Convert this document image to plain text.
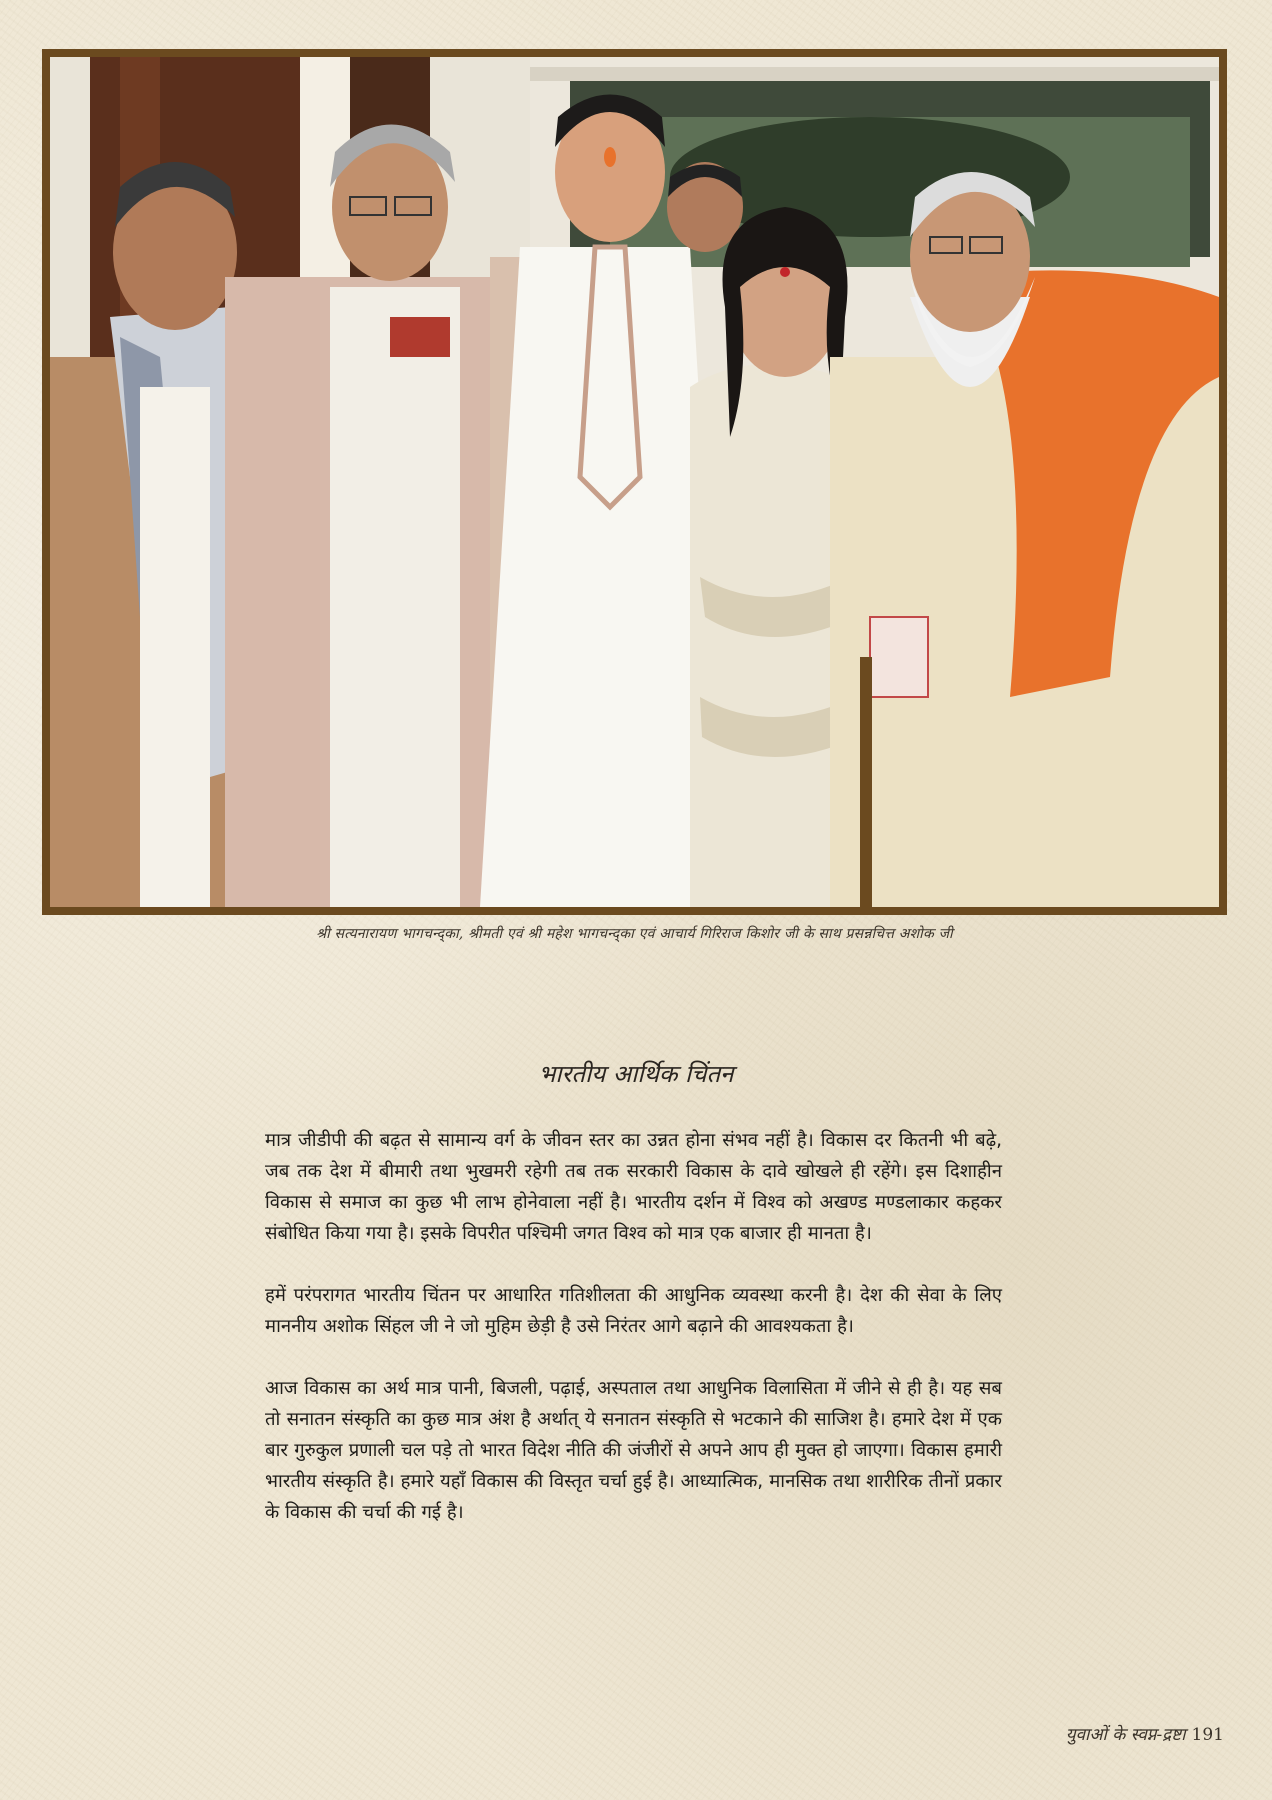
श्री सत्यनारायण भागचन्द्का, श्रीमती एवं श्री महेश भागचन्द्का एवं आचार्य गिरिराज किशोर जी के साथ प्रसन्नचित्त अशोक जी
भारतीय आर्थिक चिंतन

मात्र जीडीपी की बढ़त से सामान्य वर्ग के जीवन स्तर का उन्नत होना संभव नहीं है। विकास दर कितनी भी बढ़े, जब तक देश में बीमारी तथा भुखमरी रहेगी तब तक सरकारी विकास के दावे खोखले ही रहेंगे। इस दिशाहीन विकास से समाज का कुछ भी लाभ होनेवाला नहीं है। भारतीय दर्शन में विश्व को अखण्ड मण्डलाकार कहकर संबोधित किया गया है। इसके विपरीत पश्चिमी जगत विश्व को मात्र एक बाजार ही मानता है।

हमें परंपरागत भारतीय चिंतन पर आधारित गतिशीलता की आधुनिक व्यवस्था करनी है। देश की सेवा के लिए माननीय अशोक सिंहल जी ने जो मुहिम छेड़ी है उसे निरंतर आगे बढ़ाने की आवश्यकता है।

आज विकास का अर्थ मात्र पानी, बिजली, पढ़ाई, अस्पताल तथा आधुनिक विलासिता में जीने से ही है। यह सब तो सनातन संस्कृति का कुछ मात्र अंश है अर्थात् ये सनातन संस्कृति से भटकाने की साजिश है। हमारे देश में एक बार गुरुकुल प्रणाली चल पड़े तो भारत विदेश नीति की जंजीरों से अपने आप ही मुक्त हो जाएगा। विकास हमारी भारतीय संस्कृति है। हमारे यहाँ विकास की विस्तृत चर्चा हुई है। आध्यात्मिक, मानसिक तथा शारीरिक तीनों प्रकार के विकास की चर्चा की गई है।

युवाओं के स्वप्न-द्रष्टा 191
